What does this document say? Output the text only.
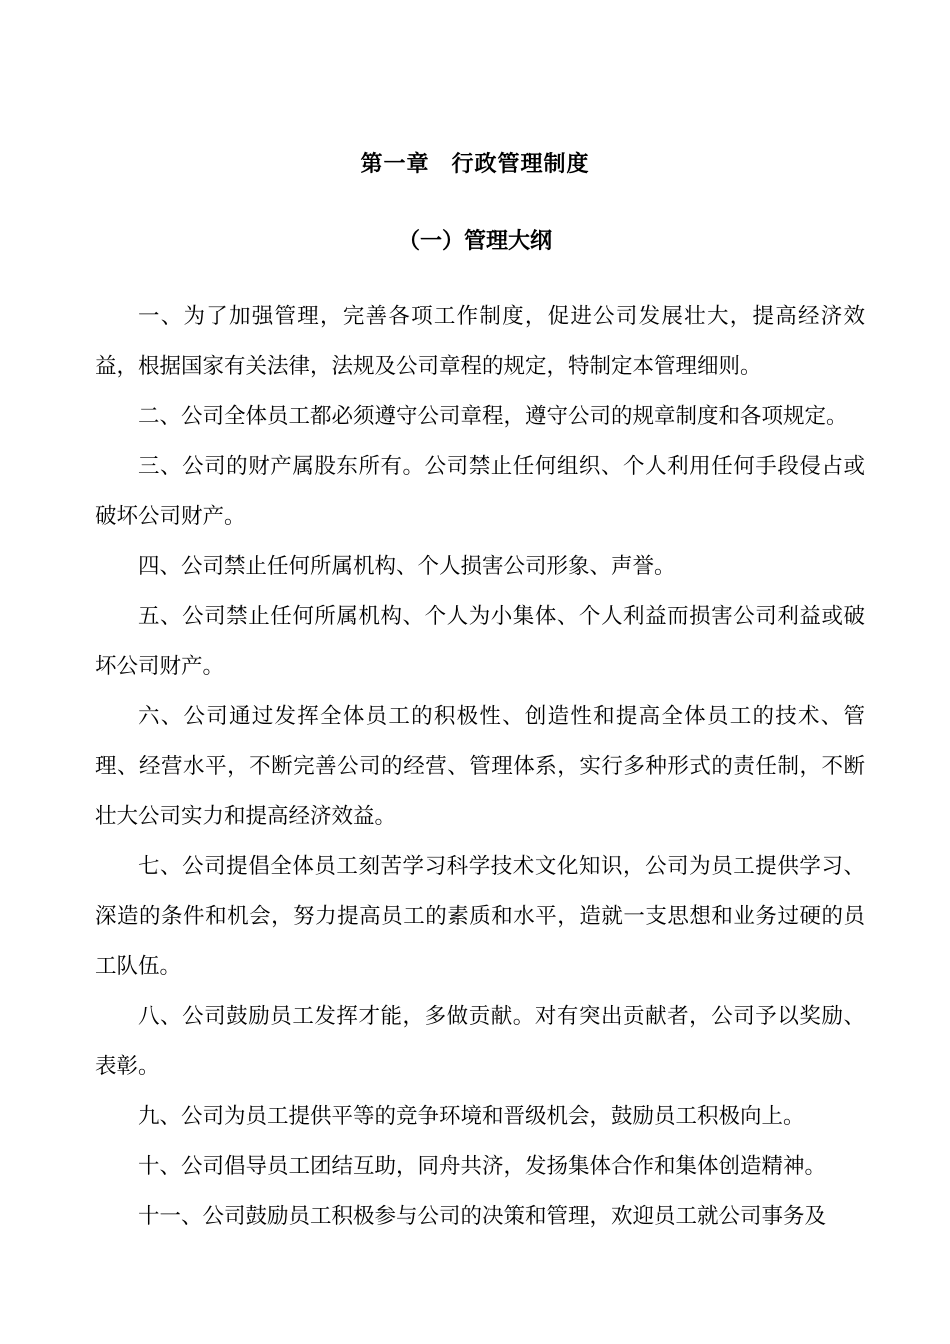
第一章 行政管理制度
（一）管理大纲

一、为了加强管理，完善各项工作制度，促进公司发展壮大，提高经济效益，根据国家有关法律，法规及公司章程的规定，特制定本管理细则。

二、公司全体员工都必须遵守公司章程，遵守公司的规章制度和各项规定。

三、公司的财产属股东所有。公司禁止任何组织、个人利用任何手段侵占或破坏公司财产。

四、公司禁止任何所属机构、个人损害公司形象、声誉。

五、公司禁止任何所属机构、个人为小集体、个人利益而损害公司利益或破坏公司财产。

六、公司通过发挥全体员工的积极性、创造性和提高全体员工的技术、管理、经营水平，不断完善公司的经营、管理体系，实行多种形式的责任制，不断壮大公司实力和提高经济效益。

七、公司提倡全体员工刻苦学习科学技术文化知识，公司为员工提供学习、深造的条件和机会，努力提高员工的素质和水平，造就一支思想和业务过硬的员工队伍。

八、公司鼓励员工发挥才能，多做贡献。对有突出贡献者，公司予以奖励、表彰。

九、公司为员工提供平等的竞争环境和晋级机会，鼓励员工积极向上。

十、公司倡导员工团结互助，同舟共济，发扬集体合作和集体创造精神。

十一、公司鼓励员工积极参与公司的决策和管理，欢迎员工就公司事务及
